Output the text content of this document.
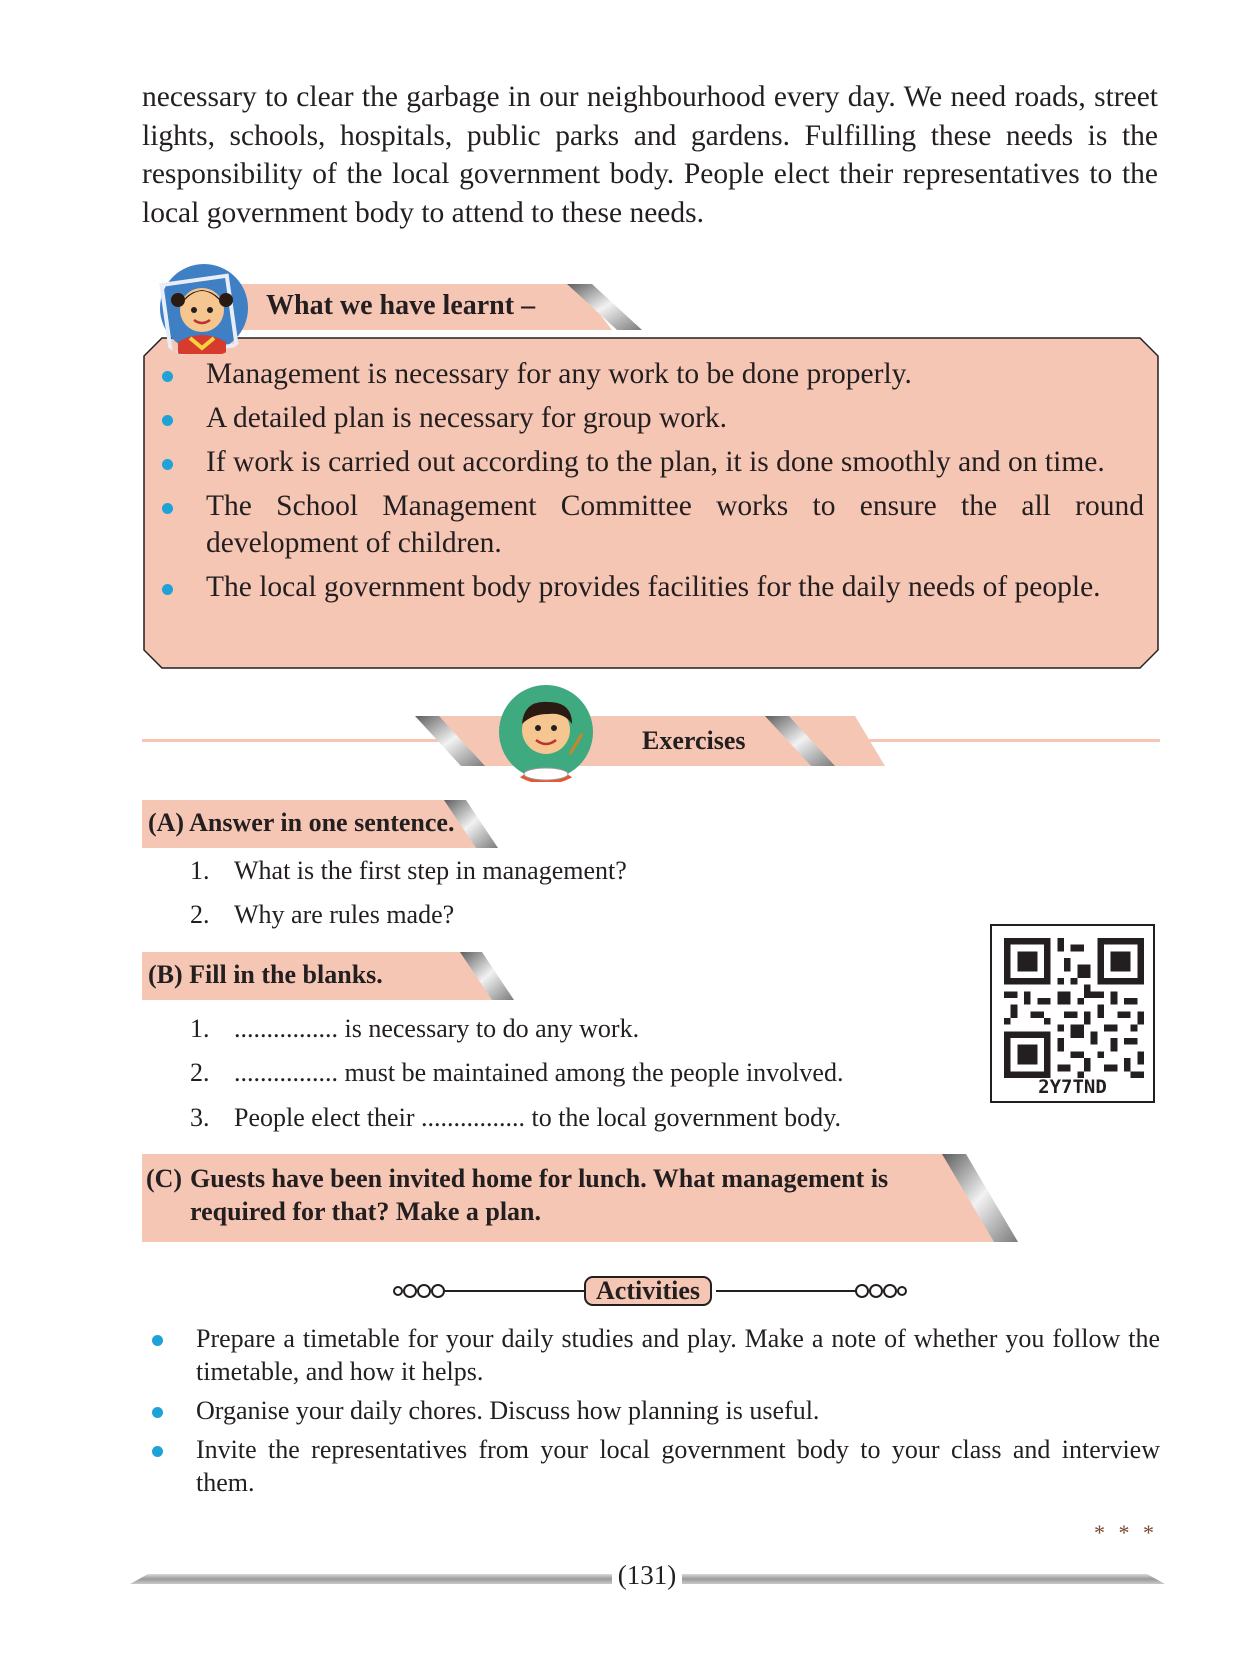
necessary to clear the garbage in our neighbourhood every day. We need roads, street lights, schools, hospitals, public parks and gardens. Fulfilling these needs is the responsibility of the local government body. People elect their representatives to the local government body to attend to these needs.

What we have learnt –
Management is necessary for any work to be done properly.
A detailed plan is necessary for group work.
If work is carried out according to the plan, it is done smoothly and on time.
The School Management Committee works to ensure the all round development of children.
The local government body provides facilities for the daily needs of people.
Exercises
(A) Answer in one sentence.
1. What is the first step in management?
2. Why are rules made?
(B) Fill in the blanks.
1. ................ is necessary to do any work.
2. ................ must be maintained among the people involved.
3. People elect their ................ to the local government body.
2Y7TND
(C) Guests have been invited home for lunch. What management is required for that? Make a plan.
Activities
Prepare a timetable for your daily studies and play. Make a note of whether you follow the timetable, and how it helps.
Organise your daily chores. Discuss how planning is useful.
Invite the representatives from your local government body to your class and interview them.
* * *
(131)
